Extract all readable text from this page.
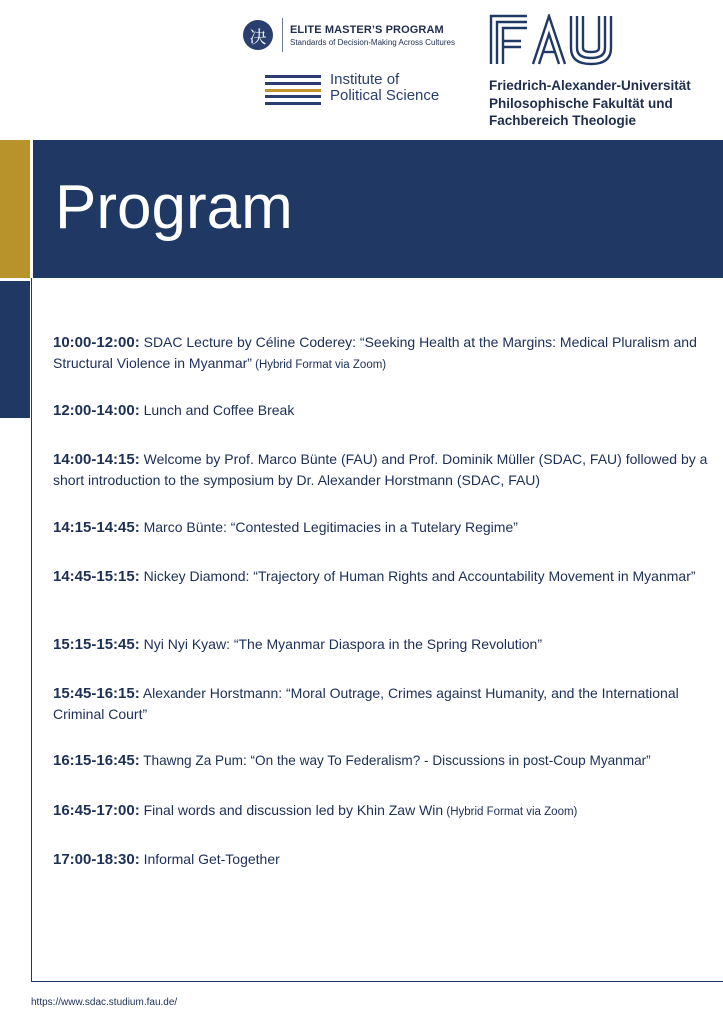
决	ELITE MASTER’S PROGRAM
Standards of Decision-Making Across Cultures
Institute of
Political Science
Friedrich-Alexander-Universität
Philosophische Fakultät und
Fachbereich Theologie
Program
10:00-12:00: SDAC Lecture by Céline Coderey: “Seeking Health at the Margins: Medical Pluralism and Structural Violence in Myanmar” (Hybrid Format via Zoom)
12:00-14:00: Lunch and Coffee Break
14:00-14:15: Welcome by Prof. Marco Bünte (FAU) and Prof. Dominik Müller (SDAC, FAU) followed by a short introduction to the symposium by Dr. Alexander Horstmann (SDAC, FAU)
14:15-14:45: Marco Bünte: “Contested Legitimacies in a Tutelary Regime”
14:45-15:15: Nickey Diamond: “Trajectory of Human Rights and Accountability Movement in Myanmar”
15:15-15:45: Nyi Nyi Kyaw: “The Myanmar Diaspora in the Spring Revolution”
15:45-16:15: Alexander Horstmann: “Moral Outrage, Crimes against Humanity, and the International Criminal Court”
16:15-16:45: Thawng Za Pum: “On the way To Federalism? - Discussions in post-Coup Myanmar”
16:45-17:00: Final words and discussion led by Khin Zaw Win (Hybrid Format via Zoom)
17:00-18:30: Informal Get-Together
https://www.sdac.studium.fau.de/
